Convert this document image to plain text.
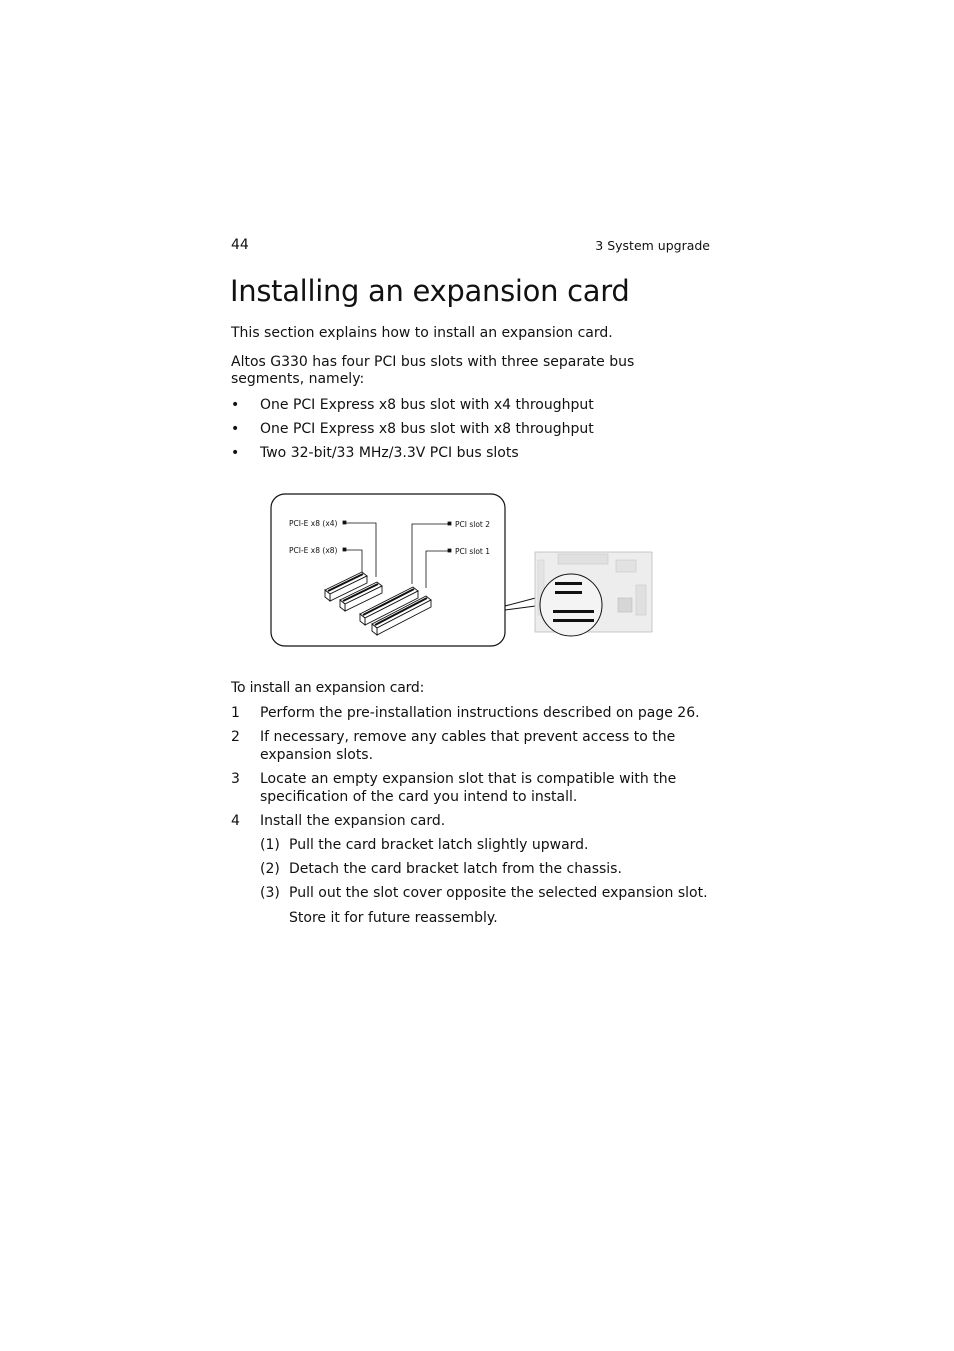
44	3 System upgrade
Installing an expansion card

This section explains how to install an expansion card.

Altos G330 has four PCI bus slots with three separate bus segments, namely:

• One PCI Express x8 bus slot with x4 throughput
• One PCI Express x8 bus slot with x8 throughput
• Two 32-bit/33 MHz/3.3V PCI bus slots
PCI-E x8 (x4)
PCI-E x8 (x8)
PCI slot 2
PCI slot 1
To install an expansion card:
1 Perform the pre-installation instructions described on page 26.
2 If necessary, remove any cables that prevent access to the expansion slots.
3 Locate an empty expansion slot that is compatible with the specification of the card you intend to install.
4 Install the expansion card.
(1) Pull the card bracket latch slightly upward.
(2) Detach the card bracket latch from the chassis.
(3) Pull out the slot cover opposite the selected expansion slot.
Store it for future reassembly.
